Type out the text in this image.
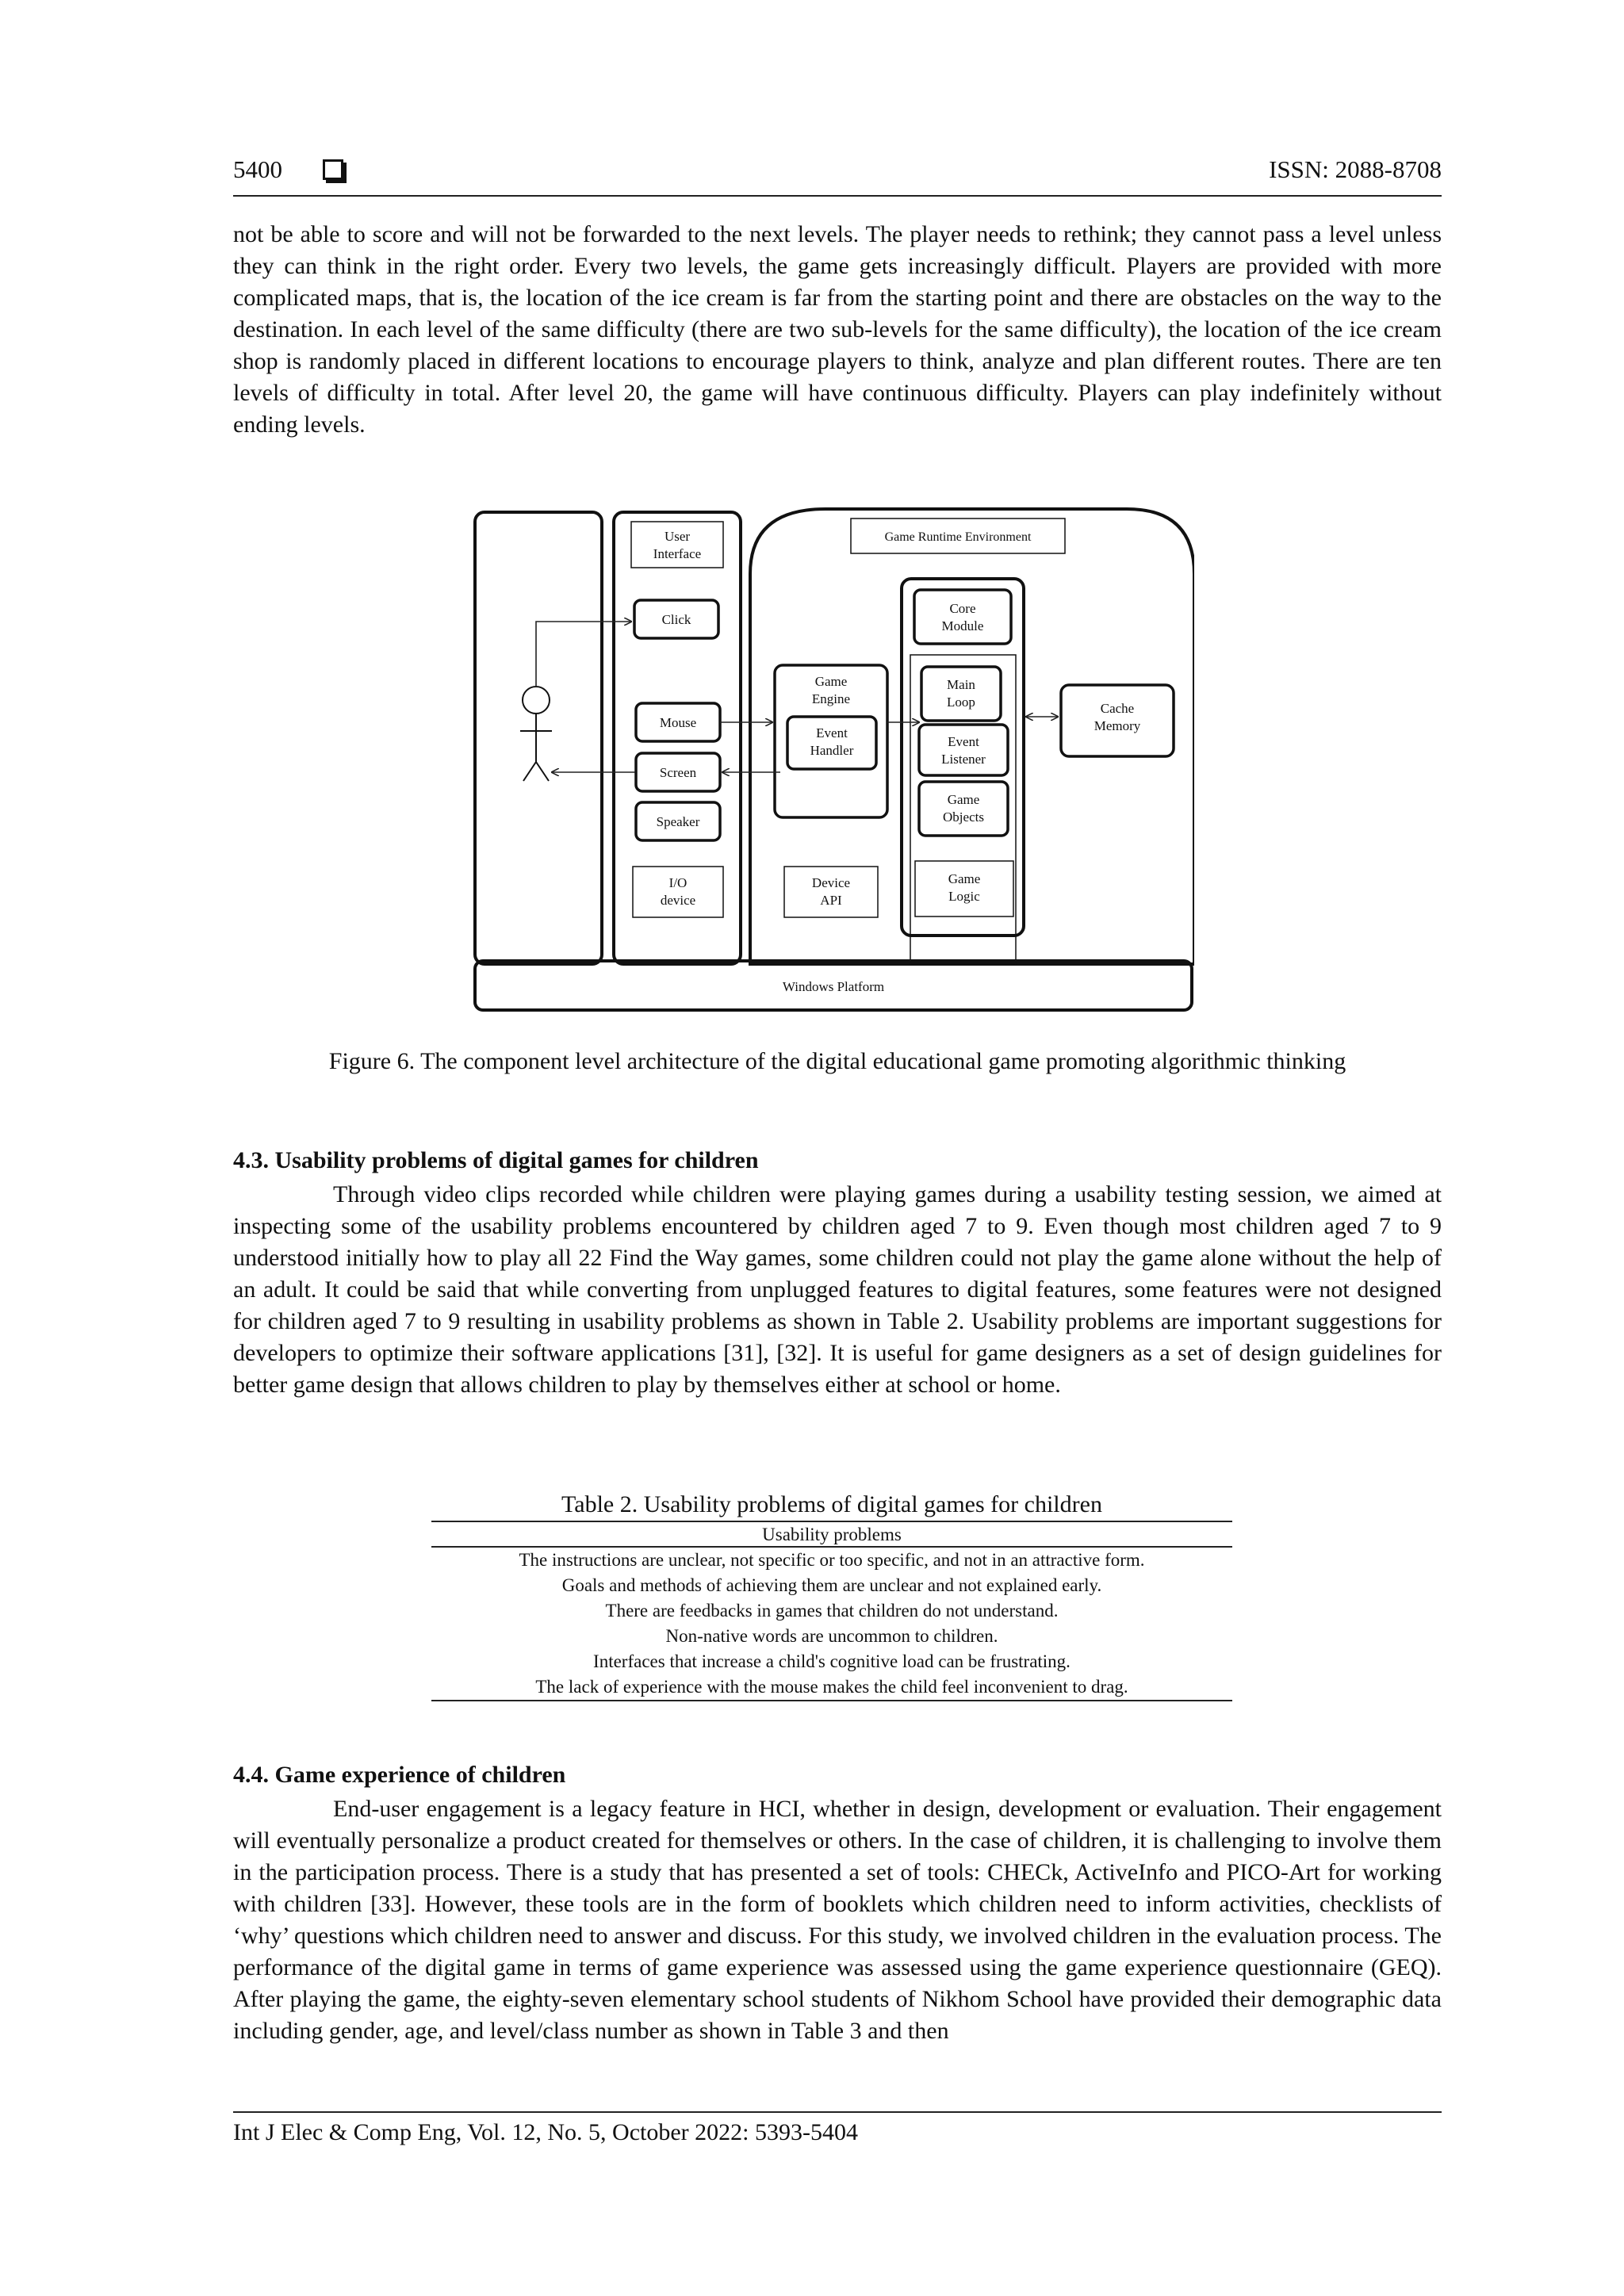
5400	ISSN: 2088-8708
not be able to score and will not be forwarded to the next levels. The player needs to rethink; they cannot pass a level unless they can think in the right order. Every two levels, the game gets increasingly difficult. Players are provided with more complicated maps, that is, the location of the ice cream is far from the starting point and there are obstacles on the way to the destination. In each level of the same difficulty (there are two sub-levels for the same difficulty), the location of the ice cream shop is randomly placed in different locations to encourage players to think, analyze and plan different routes. There are ten levels of difficulty in total. After level 20, the game will have continuous difficulty. Players can play indefinitely without ending levels.
User
Interface
Click
Mouse
Screen
Speaker
I/O
device
Game Runtime Environment
Game
Engine
Event
Handler
Device
API
Core
Module
Main
Loop
Event
Listener
Game
Objects
Game
Logic
Cache
Memory
Windows Platform
Figure 6. The component level architecture of the digital educational game promoting algorithmic thinking
4.3. Usability problems of digital games for children
Through video clips recorded while children were playing games during a usability testing session, we aimed at inspecting some of the usability problems encountered by children aged 7 to 9. Even though most children aged 7 to 9 understood initially how to play all 22 Find the Way games, some children could not play the game alone without the help of an adult. It could be said that while converting from unplugged features to digital features, some features were not designed for children aged 7 to 9 resulting in usability problems as shown in Table 2. Usability problems are important suggestions for developers to optimize their software applications [31], [32]. It is useful for game designers as a set of design guidelines for better game design that allows children to play by themselves either at school or home.
Table 2. Usability problems of digital games for children
Usability problems
The instructions are unclear, not specific or too specific, and not in an attractive form.
Goals and methods of achieving them are unclear and not explained early.
There are feedbacks in games that children do not understand.
Non-native words are uncommon to children.
Interfaces that increase a child's cognitive load can be frustrating.
The lack of experience with the mouse makes the child feel inconvenient to drag.
4.4. Game experience of children
End-user engagement is a legacy feature in HCI, whether in design, development or evaluation. Their engagement will eventually personalize a product created for themselves or others. In the case of children, it is challenging to involve them in the participation process. There is a study that has presented a set of tools: CHECk, ActiveInfo and PICO-Art for working with children [33]. However, these tools are in the form of booklets which children need to inform activities, checklists of ‘why’ questions which children need to answer and discuss. For this study, we involved children in the evaluation process. The performance of the digital game in terms of game experience was assessed using the game experience questionnaire (GEQ). After playing the game, the eighty-seven elementary school students of Nikhom School have provided their demographic data including gender, age, and level/class number as shown in Table 3 and then
Int J Elec & Comp Eng, Vol. 12, No. 5, October 2022: 5393-5404
